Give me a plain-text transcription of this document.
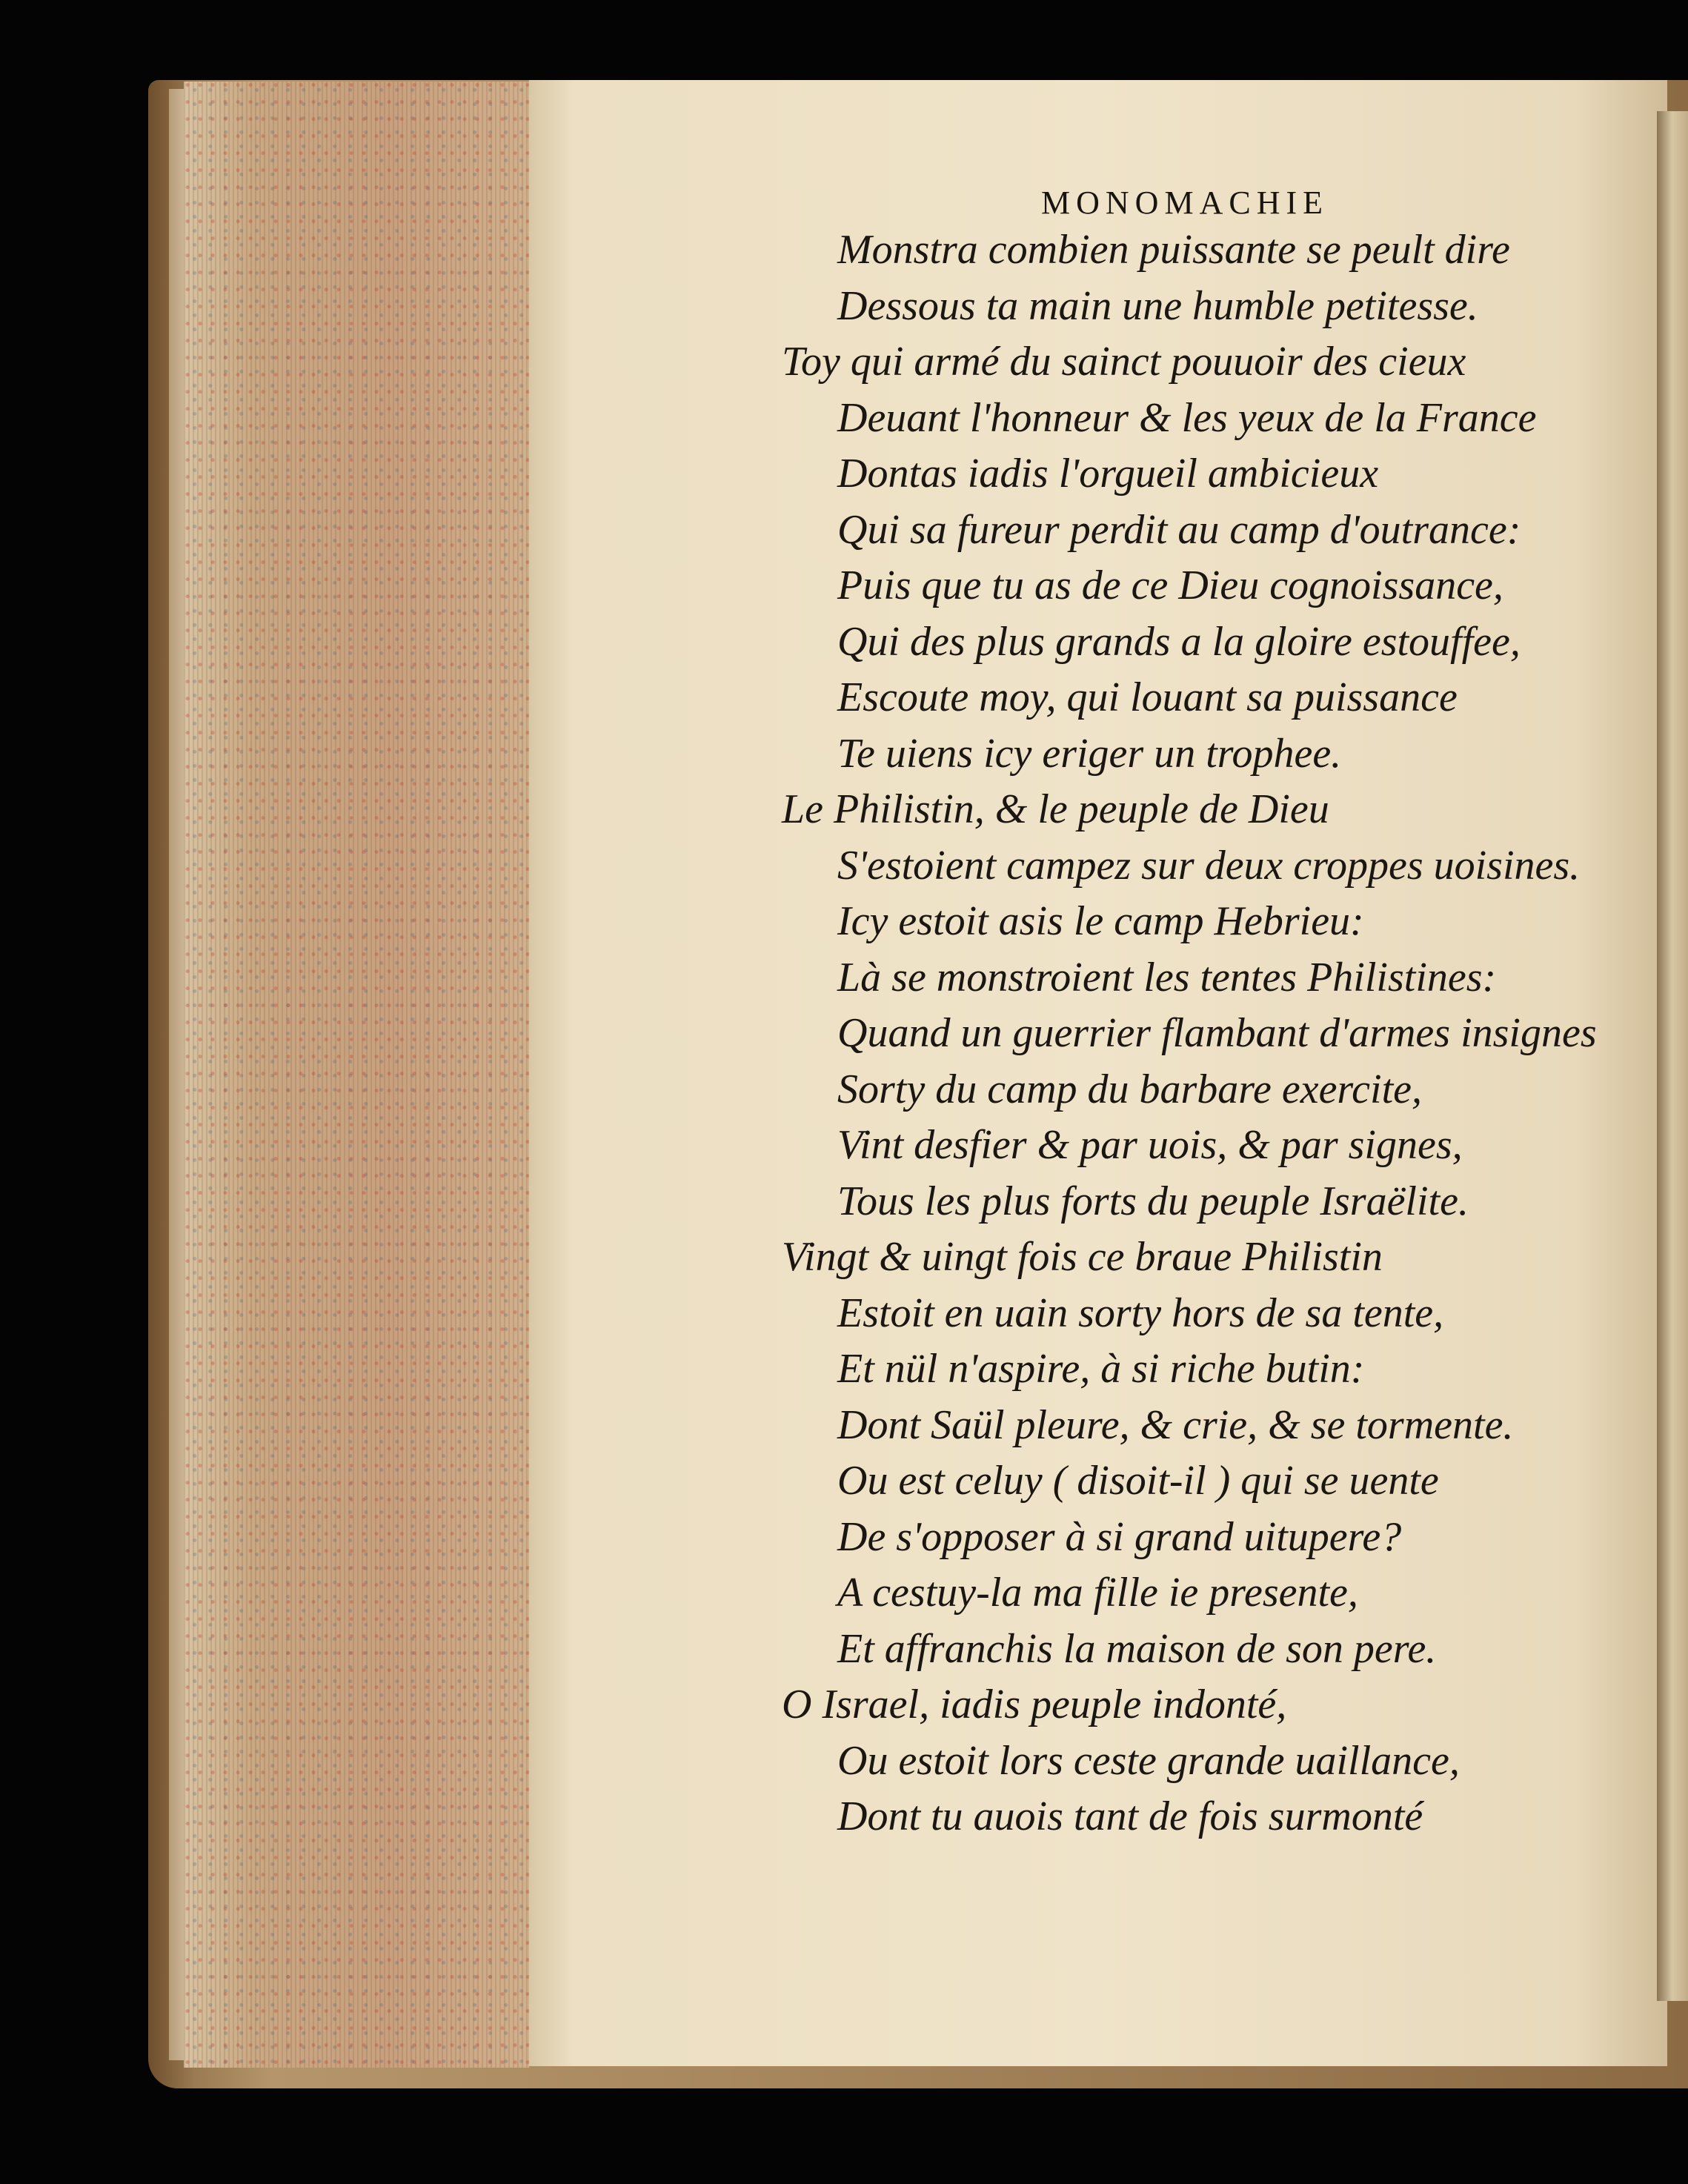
MONOMACHIE
Monstra combien puissante se peult dire
Dessous ta main une humble petitesse.
Toy qui armé du sainct pouuoir des cieux
Deuant l'honneur & les yeux de la France
Dontas iadis l'orgueil ambicieux
Qui sa fureur perdit au camp d'outrance:
Puis que tu as de ce Dieu cognoissance,
Qui des plus grands a la gloire estouffee,
Escoute moy, qui louant sa puissance
Te uiens icy eriger un trophee.
Le Philistin, & le peuple de Dieu
S'estoient campez sur deux croppes uoisines.
Icy estoit asis le camp Hebrieu:
Là se monstroient les tentes Philistines:
Quand un guerrier flambant d'armes insignes
Sorty du camp du barbare exercite,
Vint desfier & par uois, & par signes,
Tous les plus forts du peuple Israëlite.
Vingt & uingt fois ce braue Philistin
Estoit en uain sorty hors de sa tente,
Et nül n'aspire, à si riche butin:
Dont Saül pleure, & crie, & se tormente.
Ou est celuy ( disoit-il ) qui se uente
De s'opposer à si grand uitupere?
A cestuy-la ma fille ie presente,
Et affranchis la maison de son pere.
O Israel, iadis peuple indonté,
Ou estoit lors ceste grande uaillance,
Dont tu auois tant de fois surmonté
